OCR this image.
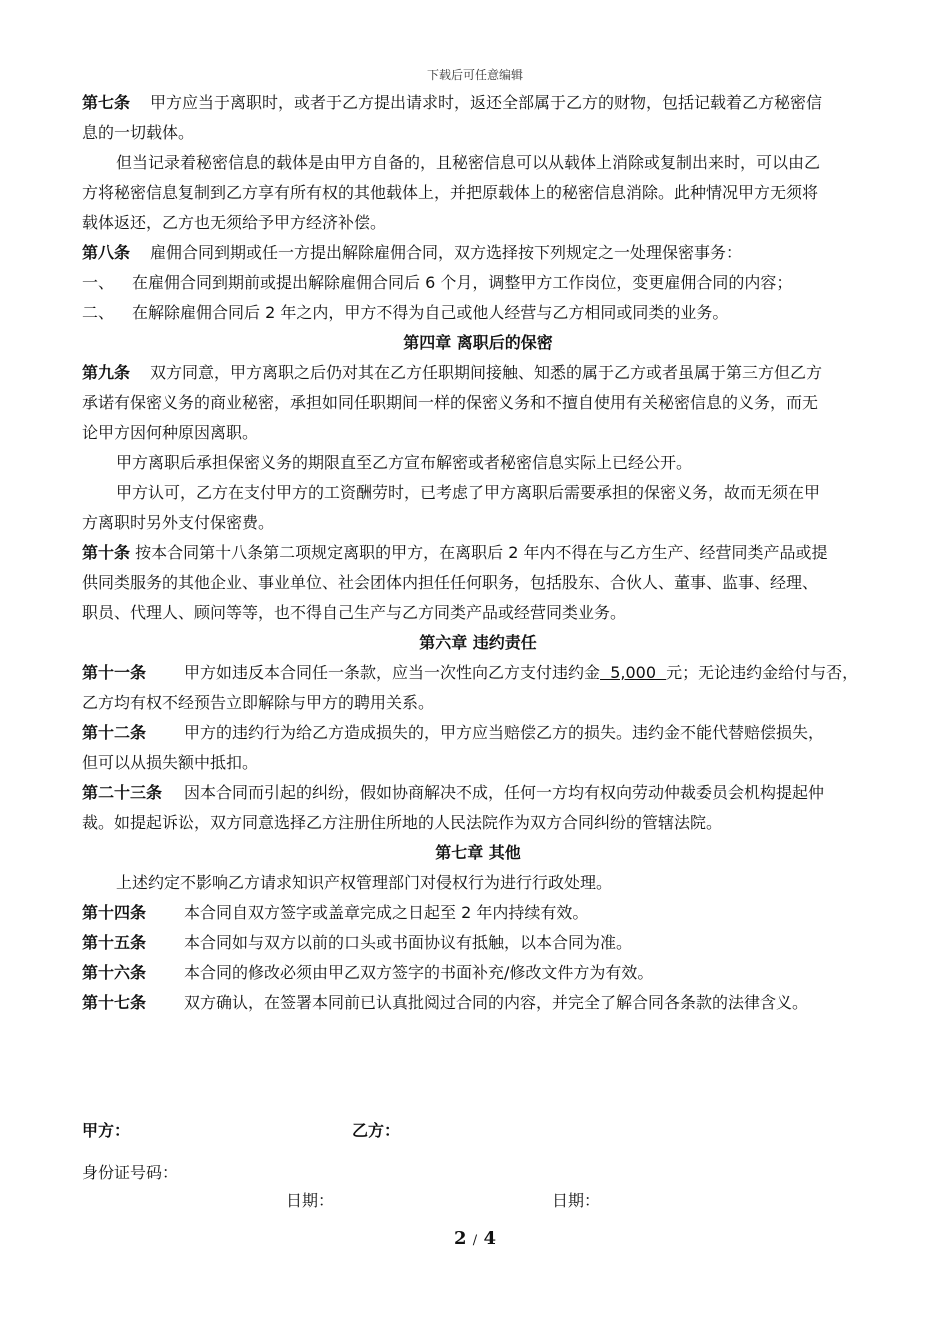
下载后可任意编辑
第七条 甲方应当于离职时，或者于乙方提出请求时，返还全部属于乙方的财物，包括记载着乙方秘密信
息的一切载体。
但当记录着秘密信息的载体是由甲方自备的，且秘密信息可以从载体上消除或复制出来时，可以由乙
方将秘密信息复制到乙方享有所有权的其他载体上，并把原载体上的秘密信息消除。此种情况甲方无须将
载体返还，乙方也无须给予甲方经济补偿。
第八条 雇佣合同到期或任一方提出解除雇佣合同，双方选择按下列规定之一处理保密事务：
一、 在雇佣合同到期前或提出解除雇佣合同后 6 个月，调整甲方工作岗位，变更雇佣合同的内容；
二、 在解除雇佣合同后 2 年之内，甲方不得为自己或他人经营与乙方相同或同类的业务。
第四章 离职后的保密
第九条 双方同意，甲方离职之后仍对其在乙方任职期间接触、知悉的属于乙方或者虽属于第三方但乙方
承诺有保密义务的商业秘密，承担如同任职期间一样的保密义务和不擅自使用有关秘密信息的义务，而无
论甲方因何种原因离职。
甲方离职后承担保密义务的期限直至乙方宣布解密或者秘密信息实际上已经公开。
甲方认可，乙方在支付甲方的工资酬劳时，已考虑了甲方离职后需要承担的保密义务，故而无须在甲
方离职时另外支付保密费。
第十条 按本合同第十八条第二项规定离职的甲方，在离职后 2 年内不得在与乙方生产、经营同类产品或提
供同类服务的其他企业、事业单位、社会团体内担任任何职务，包括股东、合伙人、董事、监事、经理、
职员、代理人、顾问等等，也不得自己生产与乙方同类产品或经营同类业务。
第六章 违约责任
第十一条 甲方如违反本合同任一条款，应当一次性向乙方支付违约金  5,000  元；无论违约金给付与否，
乙方均有权不经预告立即解除与甲方的聘用关系。
第十二条 甲方的违约行为给乙方造成损失的，甲方应当赔偿乙方的损失。违约金不能代替赔偿损失，
但可以从损失额中抵扣。
第二十三条 因本合同而引起的纠纷，假如协商解决不成，任何一方均有权向劳动仲裁委员会机构提起仲
裁。如提起诉讼，双方同意选择乙方注册住所地的人民法院作为双方合同纠纷的管辖法院。
第七章 其他
上述约定不影响乙方请求知识产权管理部门对侵权行为进行行政处理。
第十四条 本合同自双方签字或盖章完成之日起至 2 年内持续有效。
第十五条 本合同如与双方以前的口头或书面协议有抵触，以本合同为准。
第十六条 本合同的修改必须由甲乙双方签字的书面补充/修改文件方为有效。
第十七条 双方确认，在签署本同前已认真批阅过合同的内容，并完全了解合同各条款的法律含义。
甲方：	乙方：
身份证号码：
日期：	日期：
2 / 4
